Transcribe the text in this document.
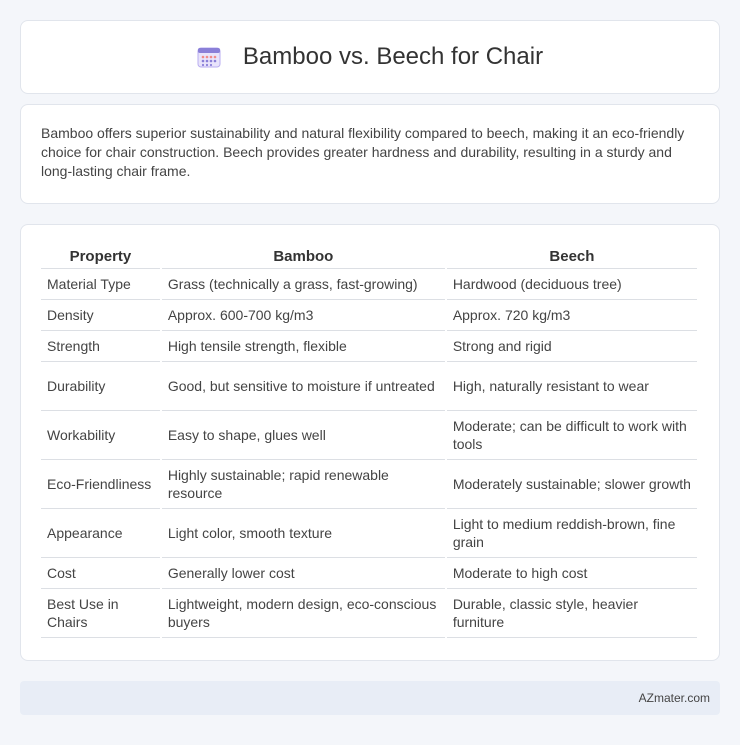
Bamboo vs. Beech for Chair

Bamboo offers superior sustainability and natural flexibility compared to beech, making it an eco-friendly choice for chair construction. Beech provides greater hardness and durability, resulting in a sturdy and long-lasting chair frame.

Property	Bamboo	Beech
Material Type	Grass (technically a grass, fast-growing)	Hardwood (deciduous tree)
Density	Approx. 600-700 kg/m3	Approx. 720 kg/m3
Strength	High tensile strength, flexible	Strong and rigid
Durability	Good, but sensitive to moisture if untreated	High, naturally resistant to wear
Workability	Easy to shape, glues well	Moderate; can be difficult to work with tools
Eco-Friendliness	Highly sustainable; rapid renewable resource	Moderately sustainable; slower growth
Appearance	Light color, smooth texture	Light to medium reddish-brown, fine grain
Cost	Generally lower cost	Moderate to high cost
Best Use in Chairs	Lightweight, modern design, eco-conscious buyers	Durable, classic style, heavier furniture
AZmater.com
